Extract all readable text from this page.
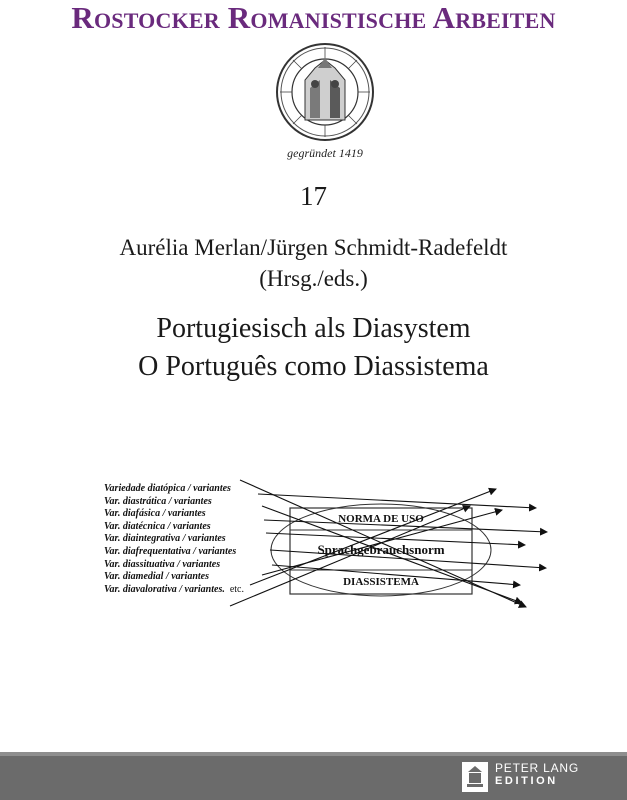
Rostocker Romanistische Arbeiten
gegründet 1419
17
Aurélia Merlan/Jürgen Schmidt-Radefeldt
(Hrsg./eds.)
Portugiesisch als Diasystem
O Português como Diassistema
Variedade diatópica / variantes
Var. diastrática / variantes
Var. diafásica / variantes
Var. diatécnica / variantes
Var. diaintegrativa / variantes
Var. diafrequentativa / variantes
Var. diassituativa / variantes
Var. diamedial / variantes
Var. diavalorativa / variantes. etc.
NORMA DE USO
Sprachgebrauchsnorm
DIASSISTEMA
PETER LANG
EDITION
